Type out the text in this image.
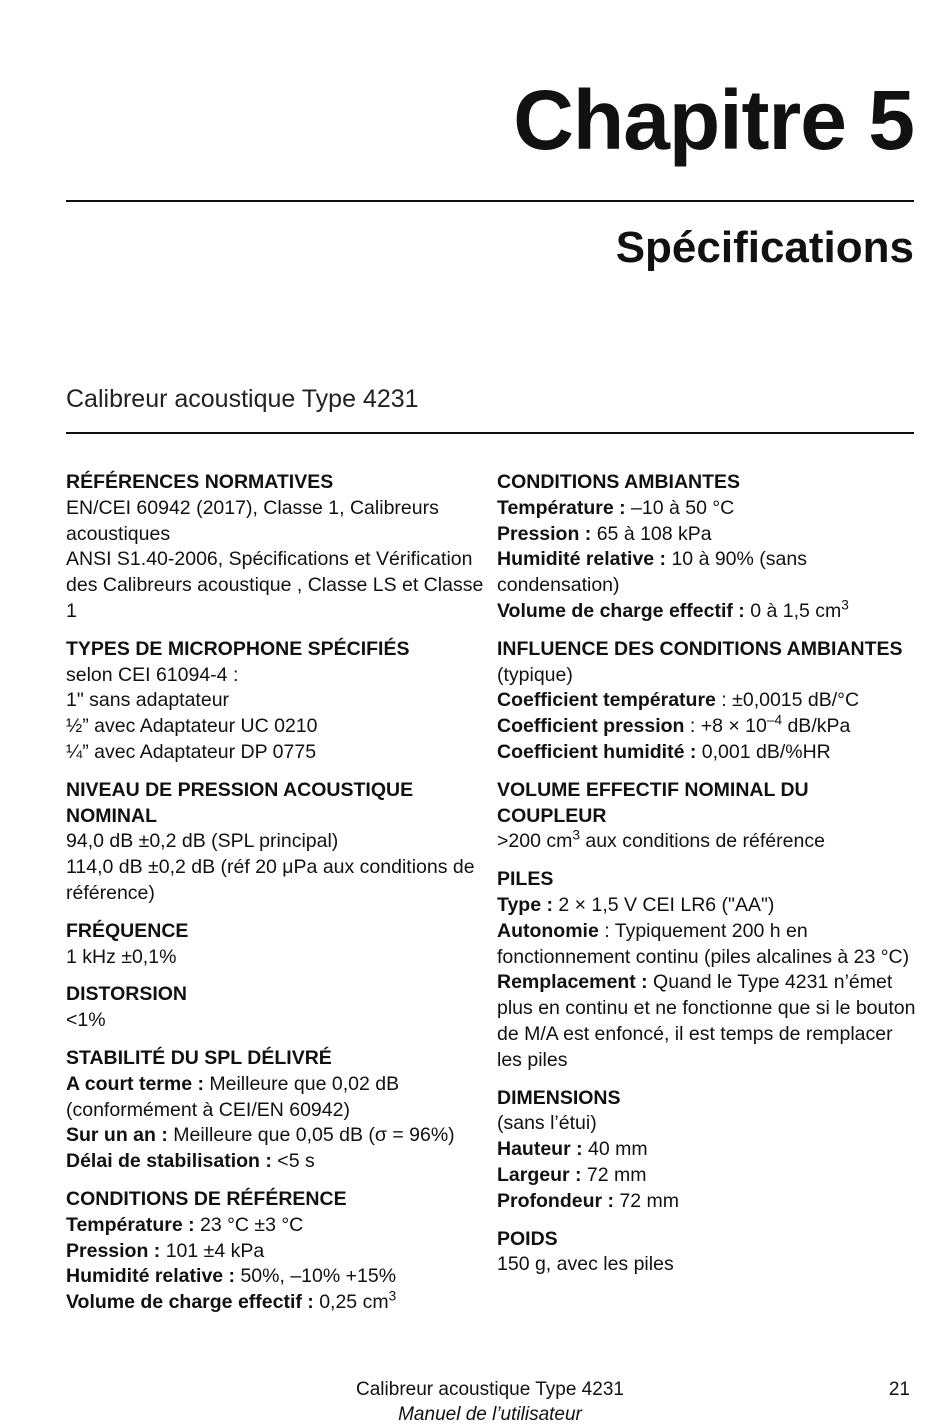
Chapitre 5
Spécifications
Calibreur acoustique Type 4231
RÉFÉRENCES NORMATIVES
EN/CEI 60942 (2017), Classe 1, Calibreurs acoustiques
ANSI S1.40-2006, Spécifications et Vérification des Calibreurs acoustique , Classe LS et Classe 1
TYPES DE MICROPHONE SPÉCIFIÉS
selon CEI 61094-4 :
1" sans adaptateur
½” avec Adaptateur UC 0210
¼” avec Adaptateur DP 0775
NIVEAU DE PRESSION ACOUSTIQUE NOMINAL
94,0 dB ±0,2 dB (SPL principal)
114,0 dB ±0,2 dB (réf 20 μPa aux conditions de référence)
FRÉQUENCE
1 kHz ±0,1%
DISTORSION
<1%
STABILITÉ DU SPL DÉLIVRÉ
A court terme : Meilleure que 0,02 dB (conformément à CEI/EN 60942)
Sur un an : Meilleure que 0,05 dB (σ = 96%)
Délai de stabilisation : <5 s
CONDITIONS DE RÉFÉRENCE
Température : 23 °C ±3 °C
Pression : 101 ±4 kPa
Humidité relative : 50%, –10% +15%
Volume de charge effectif : 0,25 $cm^3$
CONDITIONS AMBIANTES
Température : –10 à 50 °C
Pression : 65 à 108 kPa
Humidité relative : 10 à 90% (sans condensation)
Volume de charge effectif : 0 à 1,5 $cm^3$
INFLUENCE DES CONDITIONS AMBIANTES
(typique)
Coefficient température : ±0,0015 dB/°C
Coefficient pression : $+8 \times 10^{-4}$ dB/kPa
Coefficient humidité : 0,001 dB/%HR
VOLUME EFFECTIF NOMINAL DU COUPLEUR
>200 $cm^3$ aux conditions de référence
PILES
Type : 2 × 1,5 V CEI LR6 ("AA")
Autonomie : Typiquement 200 h en fonctionnement continu (piles alcalines à 23 °C)
Remplacement : Quand le Type 4231 n’émet plus en continu et ne fonctionne que si le bouton de M/A est enfoncé, il est temps de remplacer les piles
DIMENSIONS
(sans l’étui)
Hauteur : 40 mm
Largeur : 72 mm
Profondeur : 72 mm
POIDS
150 g, avec les piles
Calibreur acoustique Type 4231
Manuel de l’utilisateur
21
